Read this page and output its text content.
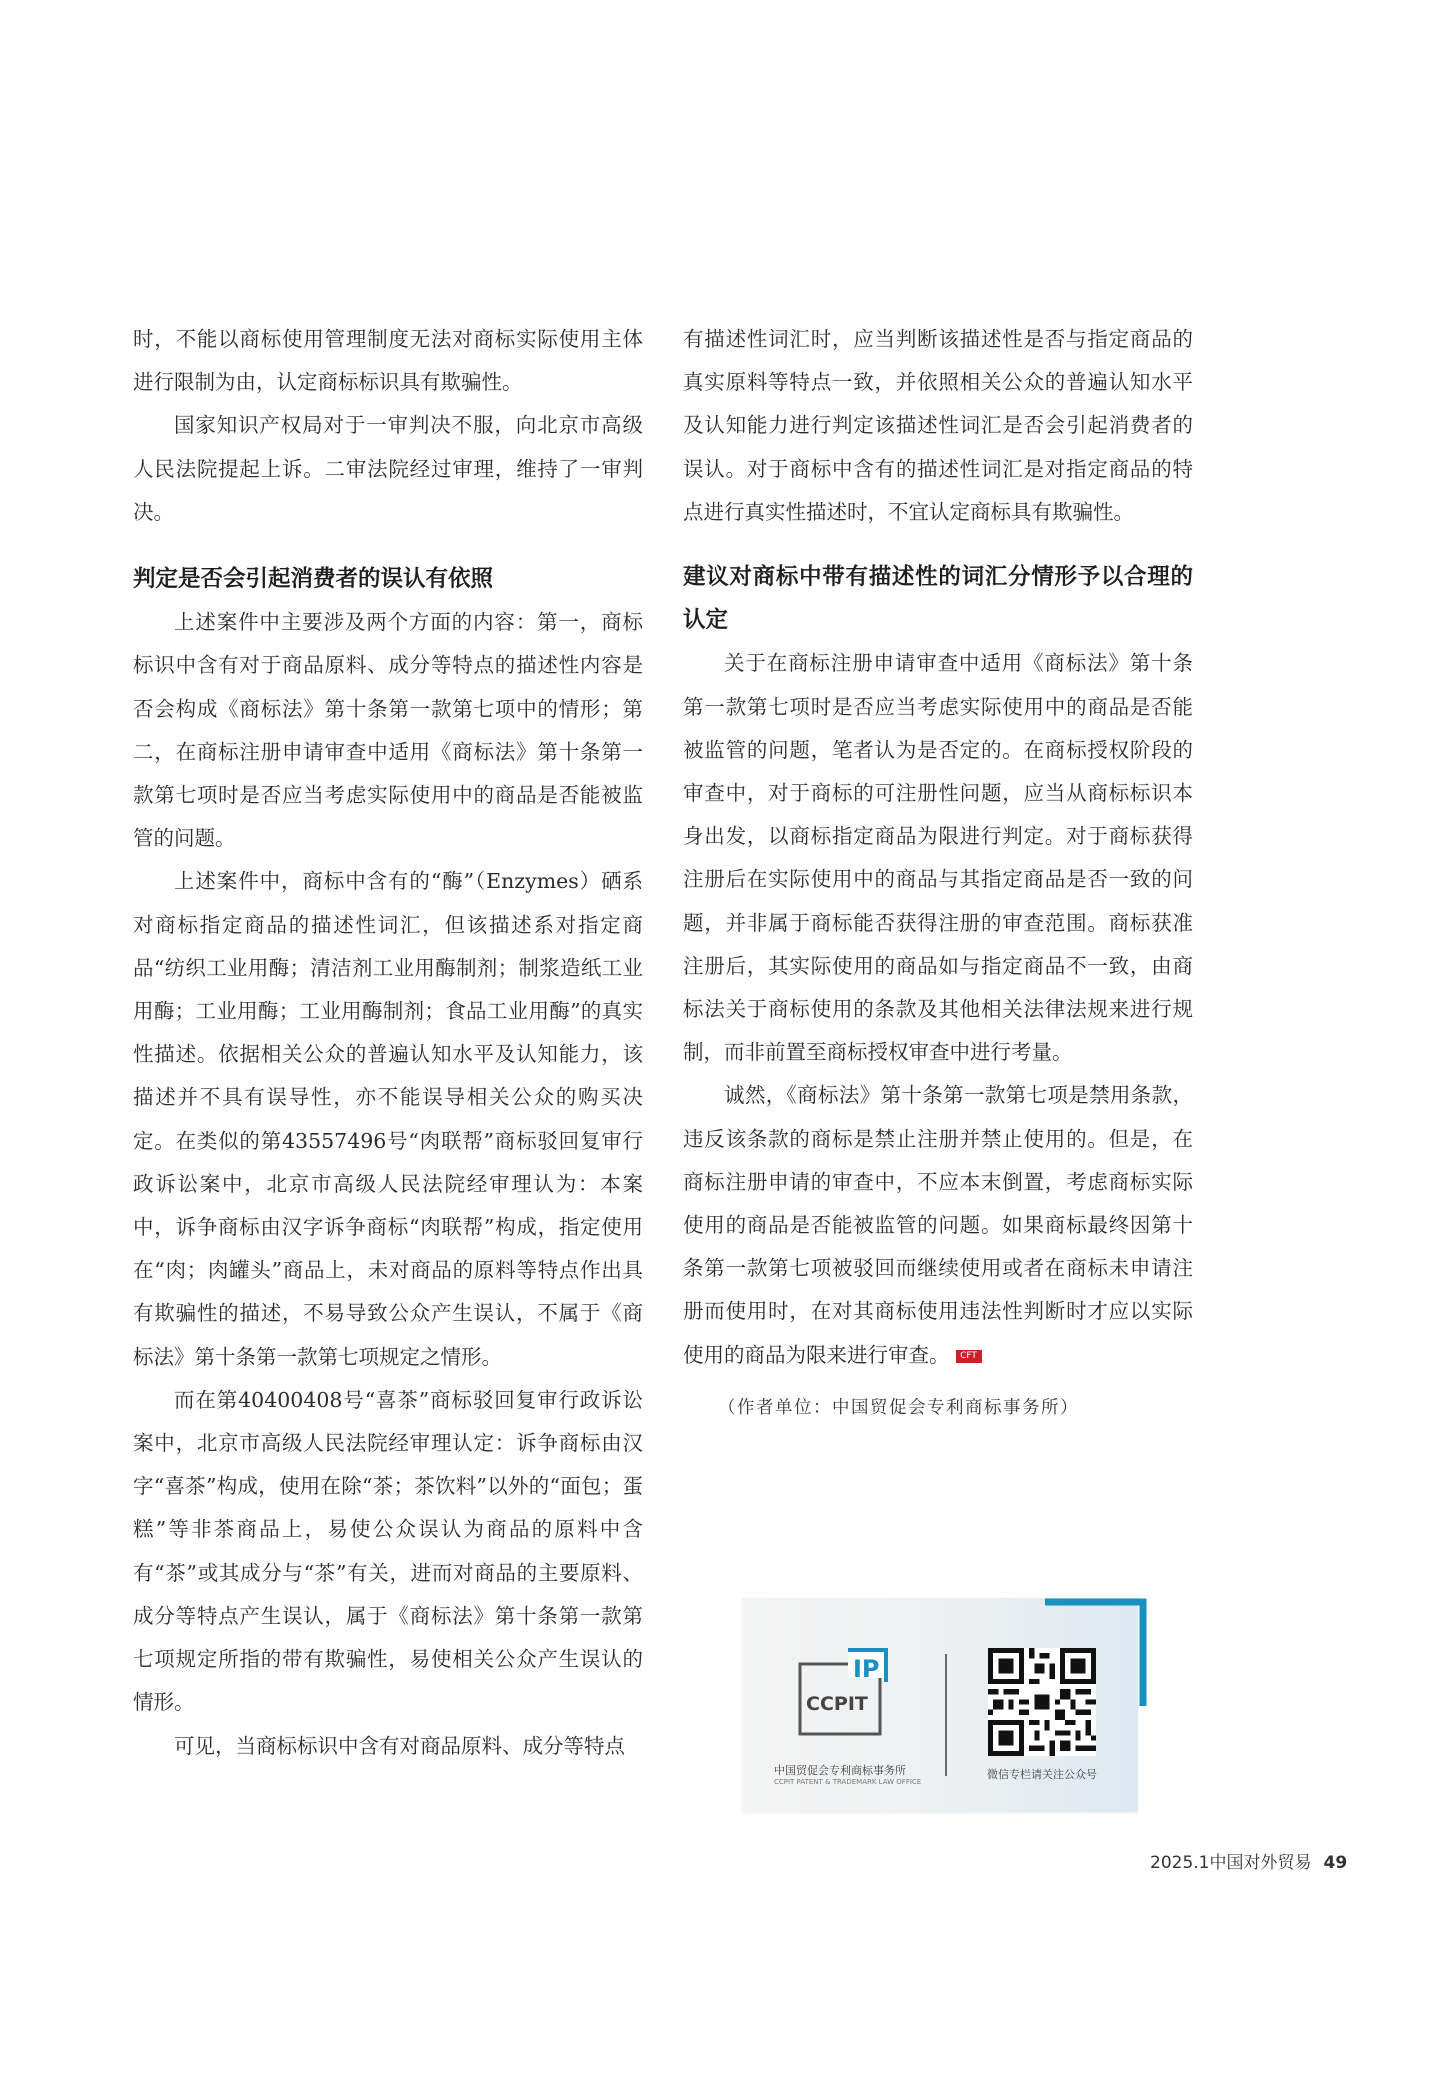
时，不能以商标使用管理制度无法对商标实际使用主体进行限制为由，认定商标标识具有欺骗性。

国家知识产权局对于一审判决不服，向北京市高级人民法院提起上诉。二审法院经过审理，维持了一审判决。

判定是否会引起消费者的误认有依照

上述案件中主要涉及两个方面的内容：第一，商标标识中含有对于商品原料、成分等特点的描述性内容是否会构成《商标法》第十条第一款第七项中的情形；第二，在商标注册申请审查中适用《商标法》第十条第一款第七项时是否应当考虑实际使用中的商品是否能被监管的问题。

上述案件中，商标中含有的“酶”（Enzymes）硒系对商标指定商品的描述性词汇，但该描述系对指定商品“纺织工业用酶；清洁剂工业用酶制剂；制浆造纸工业用酶；工业用酶；工业用酶制剂；食品工业用酶”的真实性描述。依据相关公众的普遍认知水平及认知能力，该描述并不具有误导性，亦不能误导相关公众的购买决定。在类似的第43557496号“肉联帮”商标驳回复审行政诉讼案中，北京市高级人民法院经审理认为：本案中，诉争商标由汉字诉争商标“肉联帮”构成，指定使用在“肉；肉罐头”商品上，未对商品的原料等特点作出具有欺骗性的描述，不易导致公众产生误认，不属于《商标法》第十条第一款第七项规定之情形。

而在第40400408号“喜茶”商标驳回复审行政诉讼案中，北京市高级人民法院经审理认定：诉争商标由汉字“喜茶”构成，使用在除“茶；茶饮料”以外的“面包；蛋糕”等非茶商品上，易使公众误认为商品的原料中含有“茶”或其成分与“茶”有关，进而对商品的主要原料、成分等特点产生误认，属于《商标法》第十条第一款第七项规定所指的带有欺骗性，易使相关公众产生误认的情形。

可见，当商标标识中含有对商品原料、成分等特点

有描述性词汇时，应当判断该描述性是否与指定商品的真实原料等特点一致，并依照相关公众的普遍认知水平及认知能力进行判定该描述性词汇是否会引起消费者的误认。对于商标中含有的描述性词汇是对指定商品的特点进行真实性描述时，不宜认定商标具有欺骗性。

建议对商标中带有描述性的词汇分情形予以合理的认定

关于在商标注册申请审查中适用《商标法》第十条第一款第七项时是否应当考虑实际使用中的商品是否能被监管的问题，笔者认为是否定的。在商标授权阶段的审查中，对于商标的可注册性问题，应当从商标标识本身出发，以商标指定商品为限进行判定。对于商标获得注册后在实际使用中的商品与其指定商品是否一致的问题，并非属于商标能否获得注册的审查范围。商标获准注册后，其实际使用的商品如与指定商品不一致，由商标法关于商标使用的条款及其他相关法律法规来进行规制，而非前置至商标授权审查中进行考量。

诚然，《商标法》第十条第一款第七项是禁用条款，违反该条款的商标是禁止注册并禁止使用的。但是，在商标注册申请的审查中，不应本末倒置，考虑商标实际使用的商品是否能被监管的问题。如果商标最终因第十条第一款第七项被驳回而继续使用或者在商标未申请注册而使用时，在对其商标使用违法性判断时才应以实际使用的商品为限来进行审查。 CFT

（作者单位：中国贸促会专利商标事务所）
IP
CCPIT
中国贸促会专利商标事务所
CCPIT PATENT & TRADEMARK LAW OFFICE
微信专栏请关注公众号
2025.1中国对外贸易 49
